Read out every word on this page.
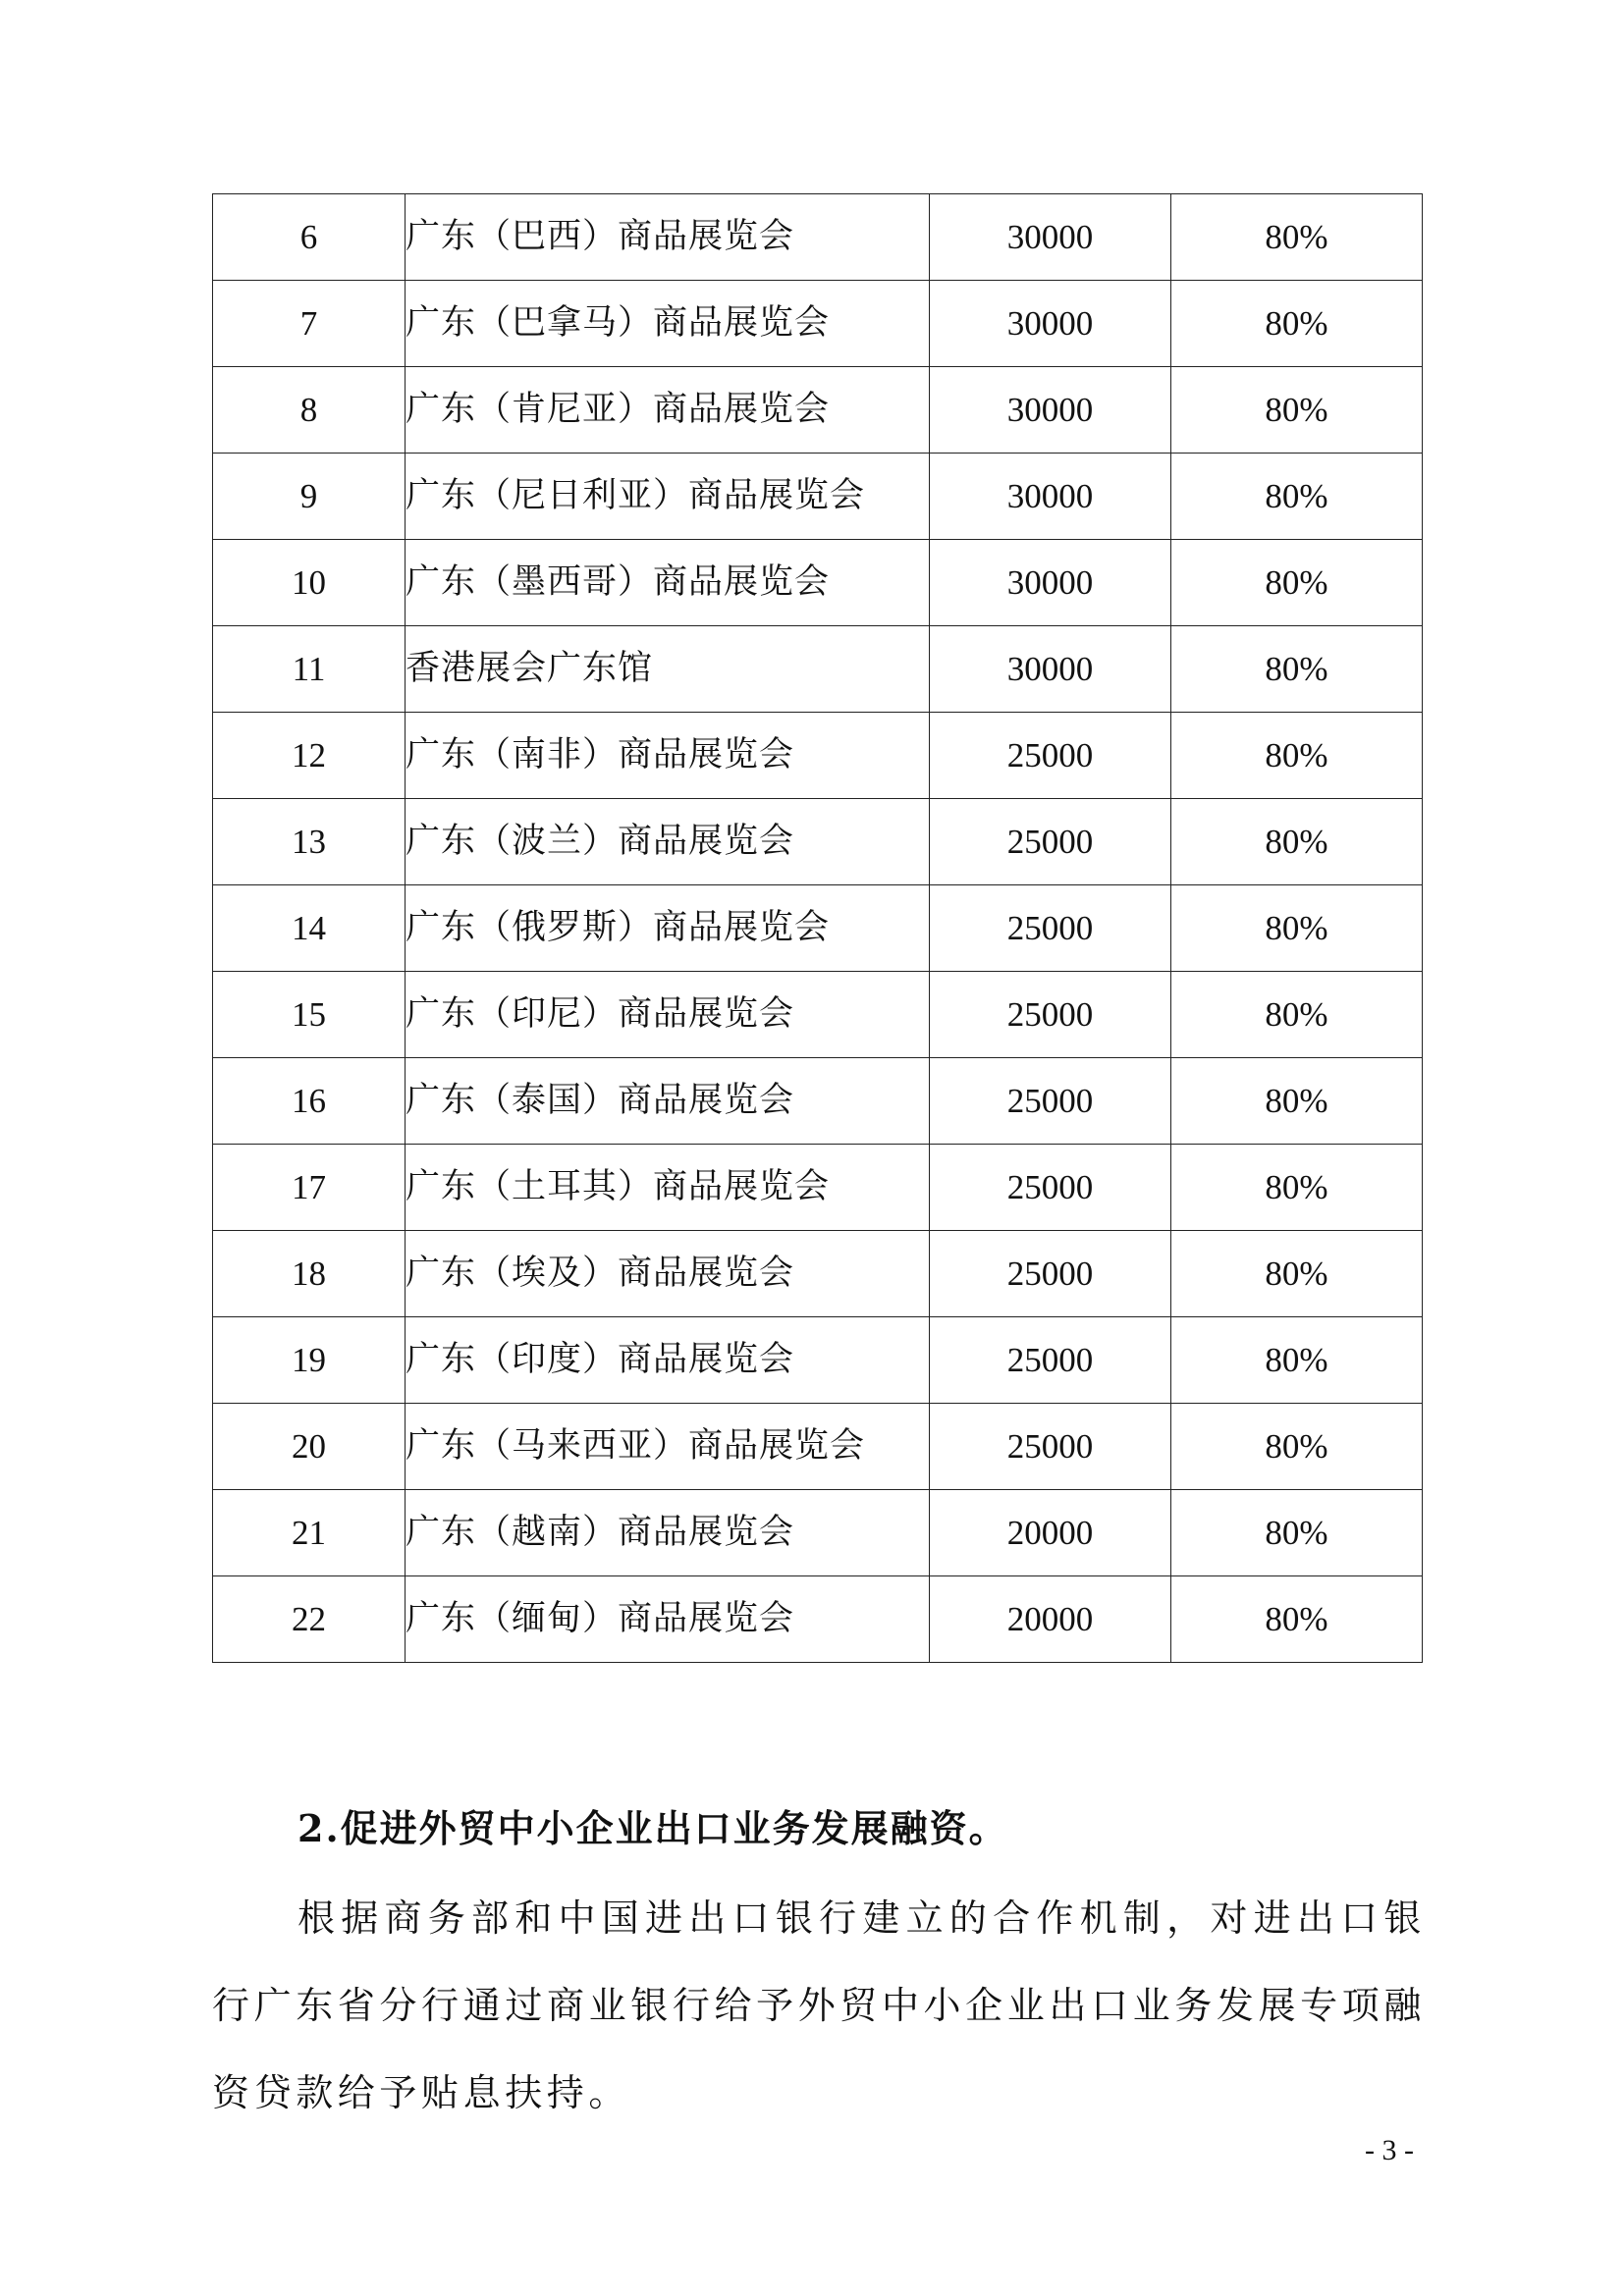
6	广东（巴西）商品展览会	30000	80%
7	广东（巴拿马）商品展览会	30000	80%
8	广东（肯尼亚）商品展览会	30000	80%
9	广东（尼日利亚）商品展览会	30000	80%
10	广东（墨西哥）商品展览会	30000	80%
11	香港展会广东馆	30000	80%
12	广东（南非）商品展览会	25000	80%
13	广东（波兰）商品展览会	25000	80%
14	广东（俄罗斯）商品展览会	25000	80%
15	广东（印尼）商品展览会	25000	80%
16	广东（泰国）商品展览会	25000	80%
17	广东（土耳其）商品展览会	25000	80%
18	广东（埃及）商品展览会	25000	80%
19	广东（印度）商品展览会	25000	80%
20	广东（马来西亚）商品展览会	25000	80%
21	广东（越南）商品展览会	20000	80%
22	广东（缅甸）商品展览会	20000	80%
2.促进外贸中小企业出口业务发展融资。
根据商务部和中国进出口银行建立的合作机制，对进出口银行广东省分行通过商业银行给予外贸中小企业出口业务发展专项融资贷款给予贴息扶持。
- 3 -
